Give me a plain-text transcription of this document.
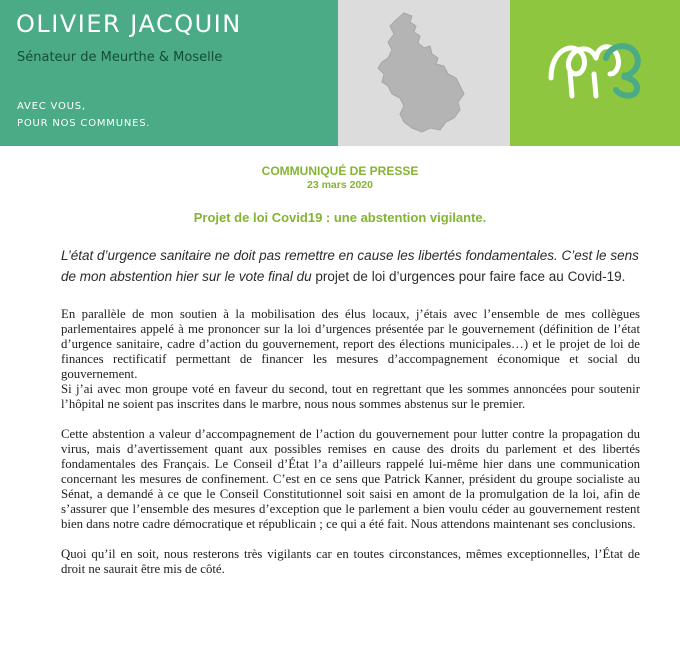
OLIVIER JACQUIN
Sénateur de Meurthe & Moselle
AVEC VOUS,
POUR NOS COMMUNES.
COMMUNIQUÉ DE PRESSE
23 mars 2020
Projet de loi Covid19 : une abstention vigilante.
L’état d’urgence sanitaire ne doit pas remettre en cause les libertés fondamentales. C’est le sens de mon abstention hier sur le vote final du projet de loi d’urgences pour faire face au Covid-19.

En parallèle de mon soutien à la mobilisation des élus locaux, j’étais avec l’ensemble de mes collègues parlementaires appelé à me prononcer sur la loi d’urgences présentée par le gouvernement (définition de l’état d’urgence sanitaire, cadre d’action du gouvernement, report des élections municipales…) et le projet de loi de finances rectificatif permettant de financer les mesures d’accompagnement économique et social du gouvernement.

Si j’ai avec mon groupe voté en faveur du second, tout en regrettant que les sommes annoncées pour soutenir l’hôpital ne soient pas inscrites dans le marbre, nous nous sommes abstenus sur le premier.

Cette abstention a valeur d’accompagnement de l’action du gouvernement pour lutter contre la propagation du virus, mais d’avertissement quant aux possibles remises en cause des droits du parlement et des libertés fondamentales des Français. Le Conseil d’État l’a d’ailleurs rappelé lui-même hier dans une communication concernant les mesures de confinement. C’est en ce sens que Patrick Kanner, président du groupe socialiste au Sénat, a demandé à ce que le Conseil Constitutionnel soit saisi en amont de la promulgation de la loi, afin de s’assurer que l’ensemble des mesures d’exception que le parlement a bien voulu céder au gouvernement restent bien dans notre cadre démocratique et républicain ; ce qui a été fait. Nous attendons maintenant ses conclusions.

Quoi qu’il en soit, nous resterons très vigilants car en toutes circonstances, mêmes exceptionnelles, l’État de droit ne saurait être mis de côté.
